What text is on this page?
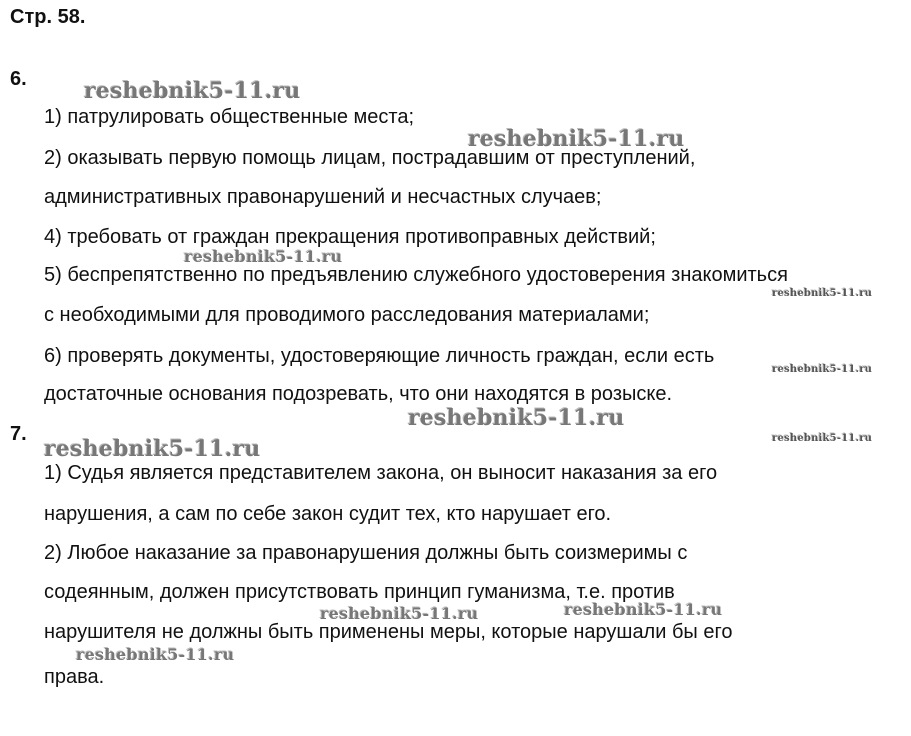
Стр. 58.
6.
1) патрулировать общественные места;
2) оказывать первую помощь лицам, пострадавшим от преступлений,
административных правонарушений и несчастных случаев;
4) требовать от граждан прекращения противоправных действий;
5) беспрепятственно по предъявлению служебного удостоверения знакомиться
с необходимыми для проводимого расследования материалами;
6) проверять документы, удостоверяющие личность граждан, если есть
достаточные основания подозревать, что они находятся в розыске.
7.
1) Судья является представителем закона, он выносит наказания за его
нарушения, а сам по себе закон судит тех, кто нарушает его.
2) Любое наказание за правонарушения должны быть соизмеримы с
содеянным, должен присутствовать принцип гуманизма, т.е. против
нарушителя не должны быть применены меры, которые нарушали бы его
права.
reshebnik5-11.ru
reshebnik5-11.ru
reshebnik5-11.ru
reshebnik5-11.ru
reshebnik5-11.ru
reshebnik5-11.ru
reshebnik5-11.ru
reshebnik5-11.ru
reshebnik5-11.ru	reshebnik5-11.ru
reshebnik5-11.ru
